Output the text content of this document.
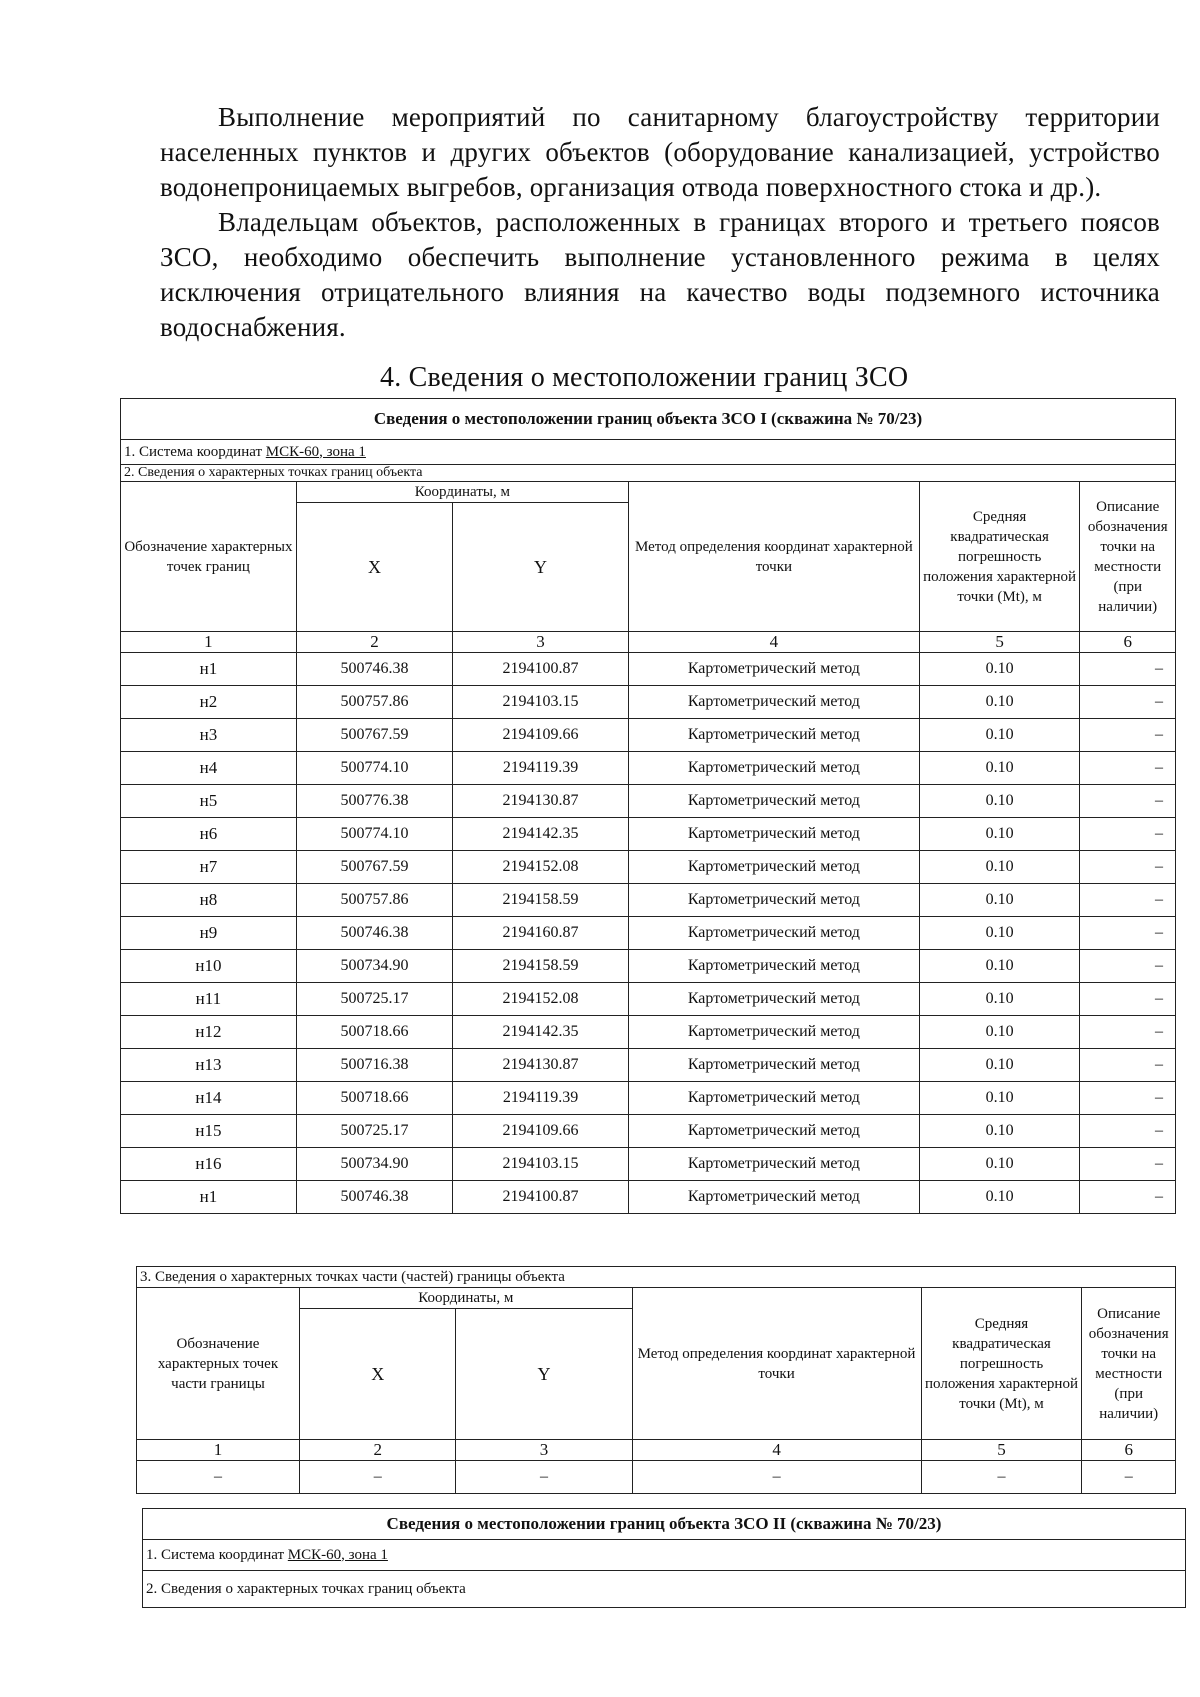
Выполнение мероприятий по санитарному благоустройству территории населенных пунктов и других объектов (оборудование канализацией, устройство водонепроницаемых выгребов, организация отвода поверхностного стока и др.).

Владельцам объектов, расположенных в границах второго и третьего поясов ЗСО, необходимо обеспечить выполнение установленного режима в целях исключения отрицательного влияния на качество воды подземного источника водоснабжения.

4. Сведения о местоположении границ ЗСО
Сведения о местоположении границ объекта ЗСО I (скважина № 70/23)					
1. Система координат МСК-60, зона 1					
2. Сведения о характерных точках границ объекта					
Обозначение характерных точек границ	Координаты, м		Метод определения координат характерной точки	Средняя квадратическая погрешность положения характерной точки (Mt), м	Описание обозначения точки на местности (при наличии)
	X	Y			
1	2	3	4	5	6
н1	500746.38	2194100.87	Картометрический метод	0.10	–
н2	500757.86	2194103.15	Картометрический метод	0.10	–
н3	500767.59	2194109.66	Картометрический метод	0.10	–
н4	500774.10	2194119.39	Картометрический метод	0.10	–
н5	500776.38	2194130.87	Картометрический метод	0.10	–
н6	500774.10	2194142.35	Картометрический метод	0.10	–
н7	500767.59	2194152.08	Картометрический метод	0.10	–
н8	500757.86	2194158.59	Картометрический метод	0.10	–
н9	500746.38	2194160.87	Картометрический метод	0.10	–
н10	500734.90	2194158.59	Картометрический метод	0.10	–
н11	500725.17	2194152.08	Картометрический метод	0.10	–
н12	500718.66	2194142.35	Картометрический метод	0.10	–
н13	500716.38	2194130.87	Картометрический метод	0.10	–
н14	500718.66	2194119.39	Картометрический метод	0.10	–
н15	500725.17	2194109.66	Картометрический метод	0.10	–
н16	500734.90	2194103.15	Картометрический метод	0.10	–
н1	500746.38	2194100.87	Картометрический метод	0.10	–
3. Сведения о характерных точках части (частей) границы объекта					
Обозначение характерных точек части границы	Координаты, м		Метод определения координат характерной точки	Средняя квадратическая погрешность положения характерной точки (Mt), м	Описание обозначения точки на местности (при наличии)
	X	Y			
1	2	3	4	5	6
–	–	–	–	–	–
Сведения о местоположении границ объекта ЗСО II (скважина № 70/23)
1. Система координат МСК-60, зона 1
2. Сведения о характерных точках границ объекта
